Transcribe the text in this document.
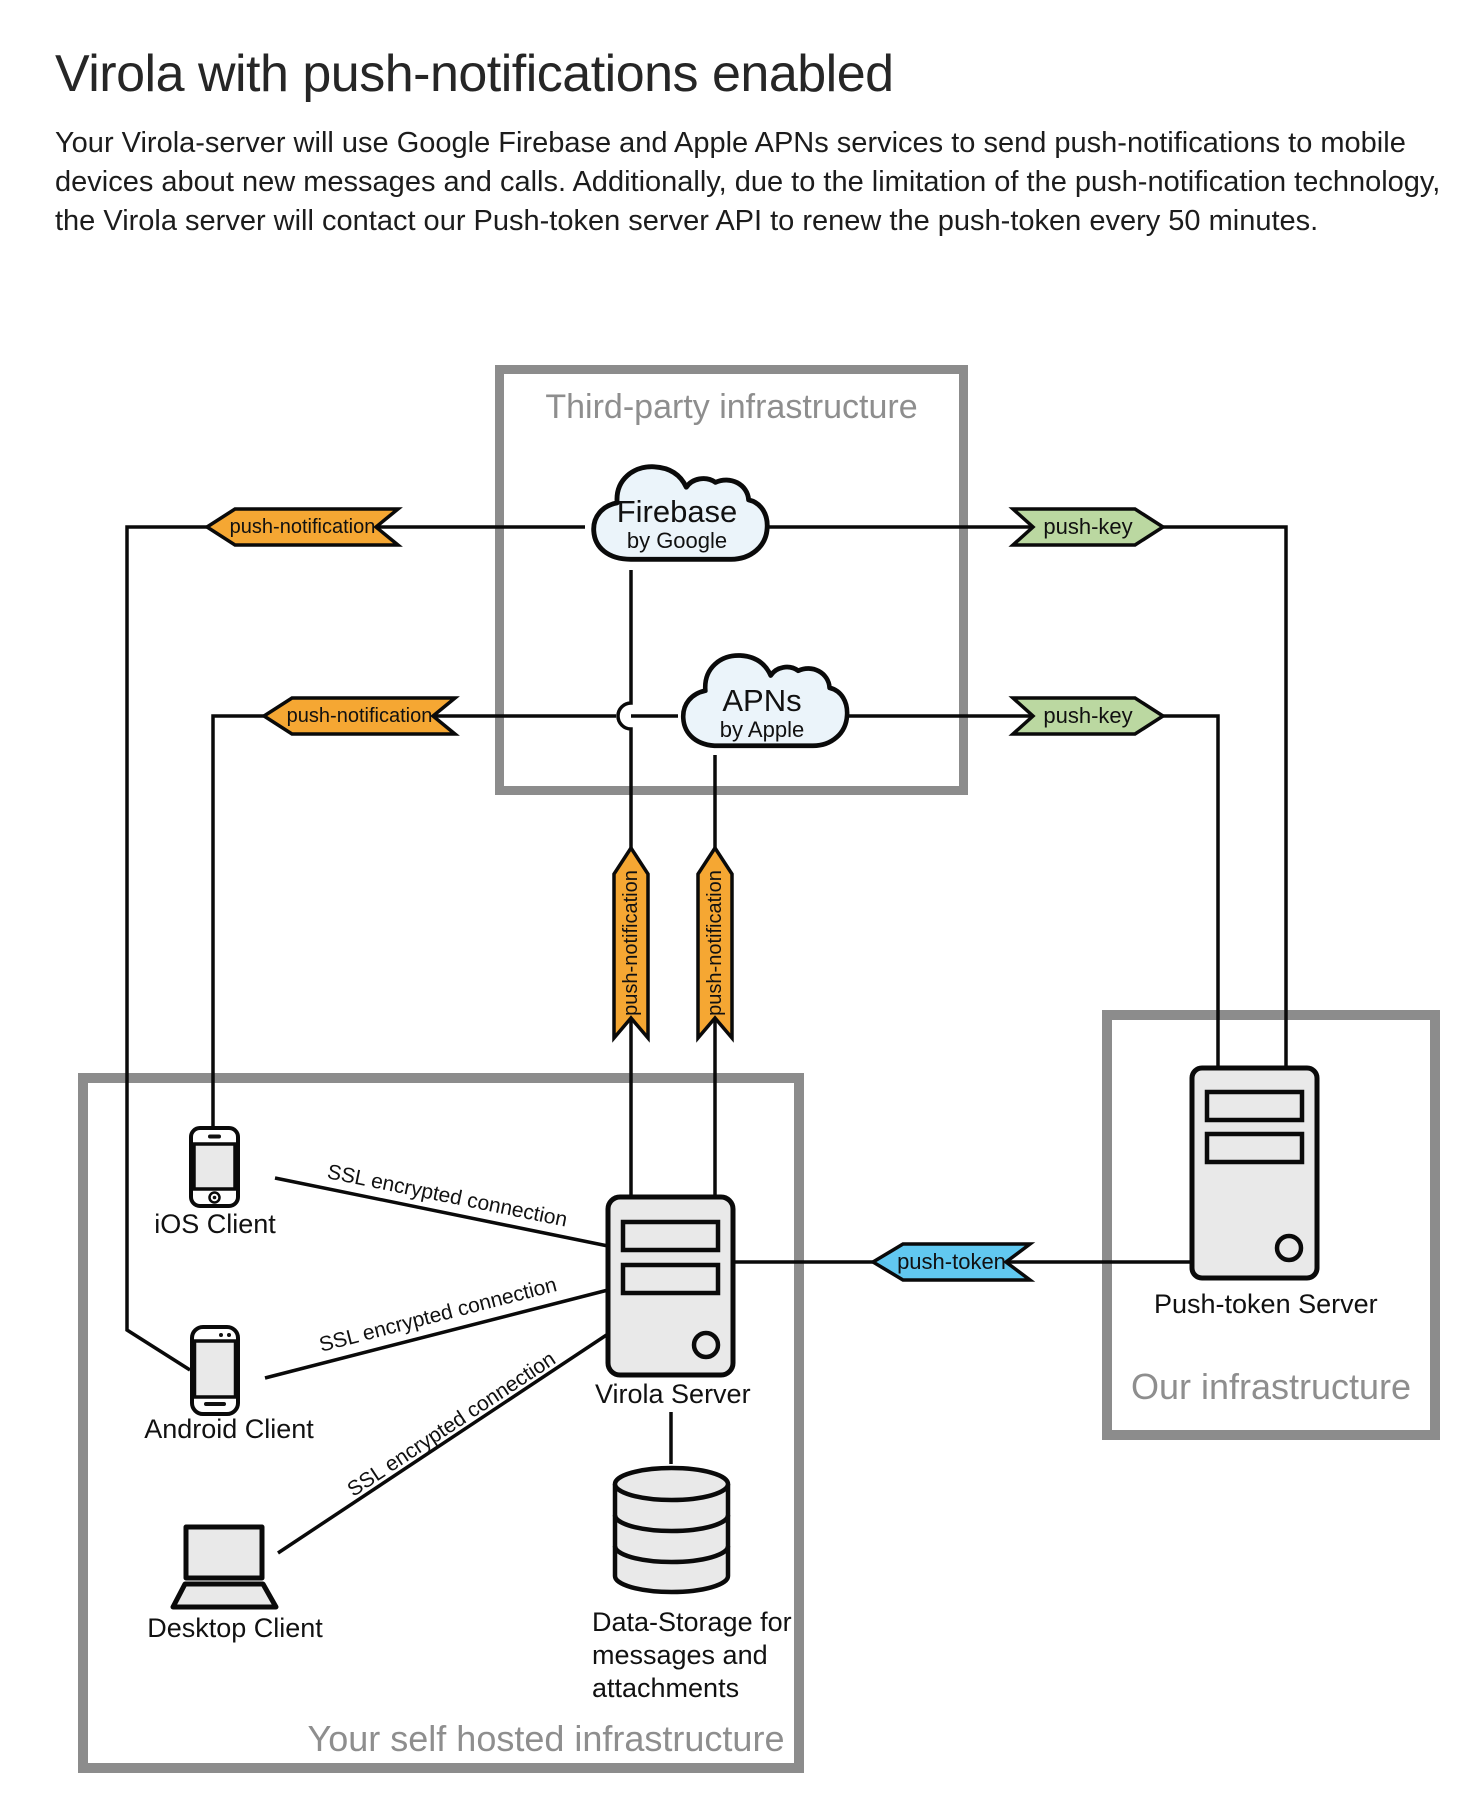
Virola with push-notifications enabled
Your Virola-server will use Google Firebase and Apple APNs services to send push-notifications to mobile devices about new messages and calls. Additionally, due to the limitation of the push-notification technology, the Virola server will contact our Push-token server API to renew the push-token every 50 minutes.
Third-party infrastructure
Your self hosted infrastructure
Our infrastructure
Firebase
by Google
APNs
by Apple
iOS Client
Android Client
Desktop Client
Virola Server
Push-token Server
Data-Storage for
messages and
attachments
push-notification
push-notification
push-key
push-key
push-token
push-notification	push-notification
SSL encrypted connection
SSL encrypted connection
SSL encrypted connection
